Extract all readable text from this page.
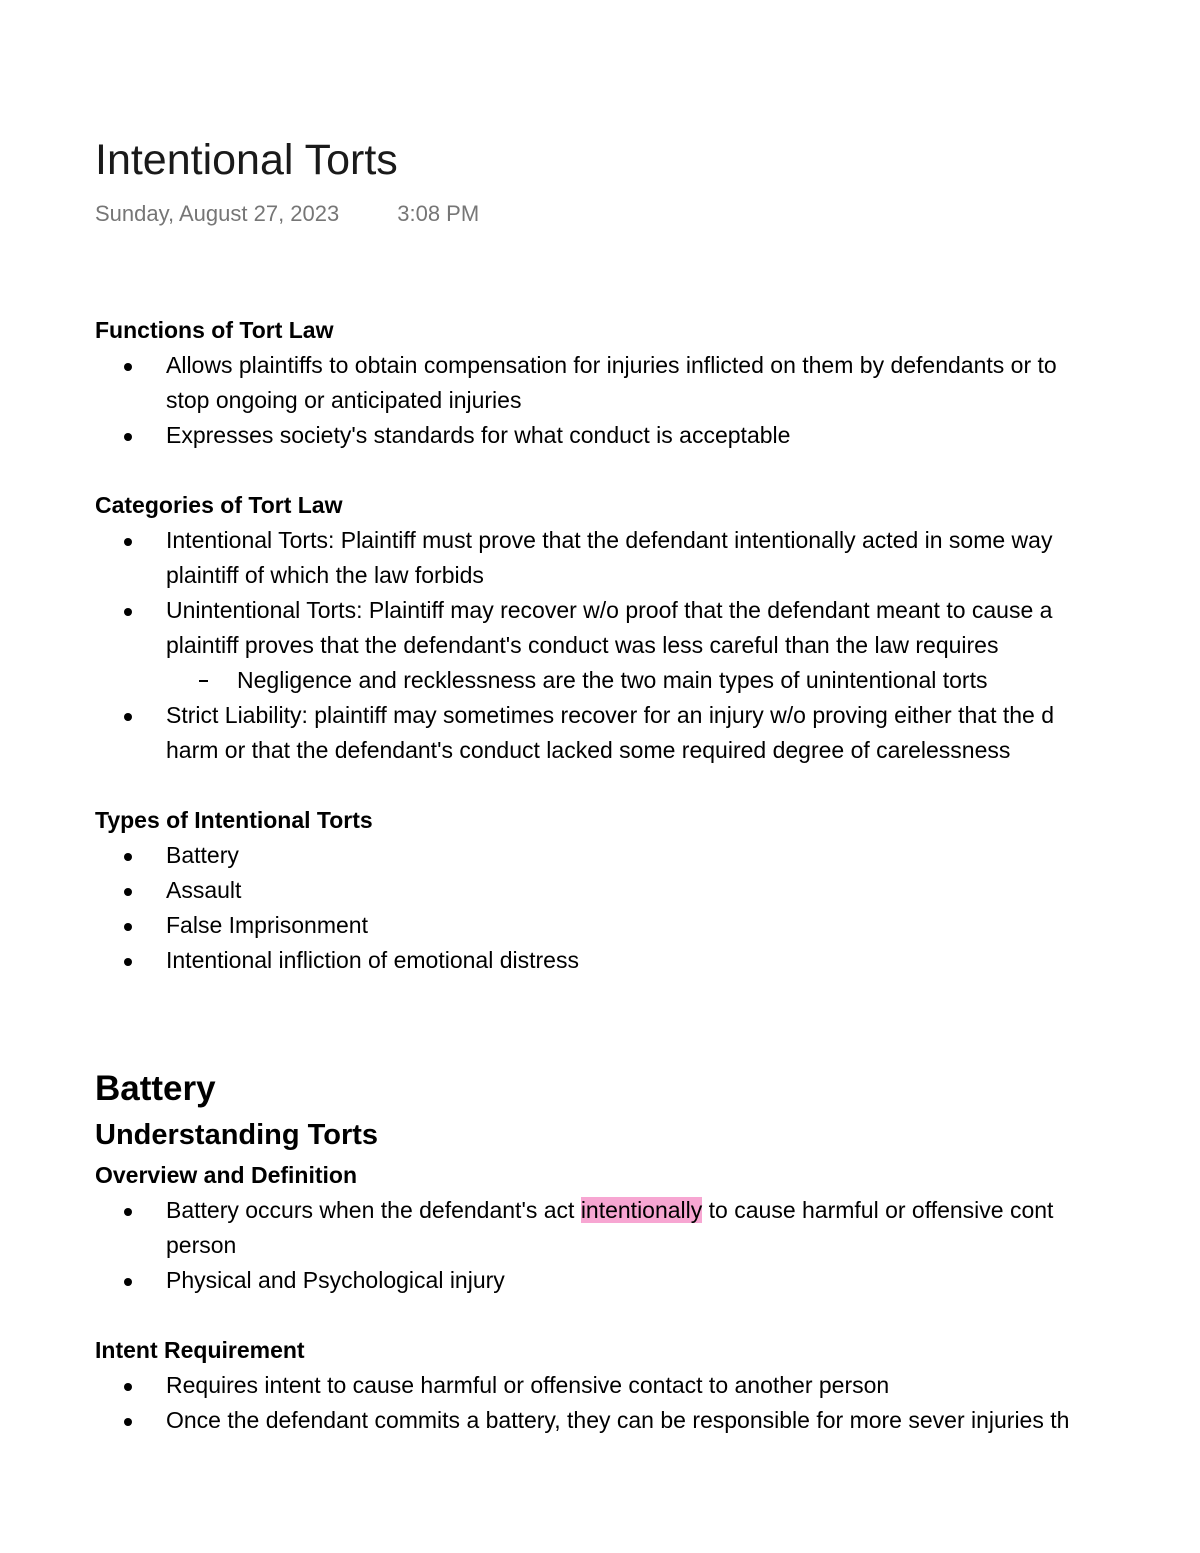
Intentional Torts
Sunday, August 27, 2023	3:08 PM
Functions of Tort Law
Allows plaintiffs to obtain compensation for injuries inflicted on them by defendants or to
stop ongoing or anticipated injuries
Expresses society's standards for what conduct is acceptable
Categories of Tort Law
Intentional Torts: Plaintiff must prove that the defendant intentionally acted in some way
plaintiff of which the law forbids
Unintentional Torts: Plaintiff may recover w/o proof that the defendant meant to cause a
plaintiff proves that the defendant's conduct was less careful than the law requires
Negligence and recklessness are the two main types of unintentional torts
Strict Liability: plaintiff may sometimes recover for an injury w/o proving either that the d
harm or that the defendant's conduct lacked some required degree of carelessness
Types of Intentional Torts
Battery
Assault
False Imprisonment
Intentional infliction of emotional distress
Battery
Understanding Torts
Overview and Definition
Battery occurs when the defendant's act intentionally to cause harmful or offensive cont
person
Physical and Psychological injury
Intent Requirement
Requires intent to cause harmful or offensive contact to another person
Once the defendant commits a battery, they can be responsible for more sever injuries th
